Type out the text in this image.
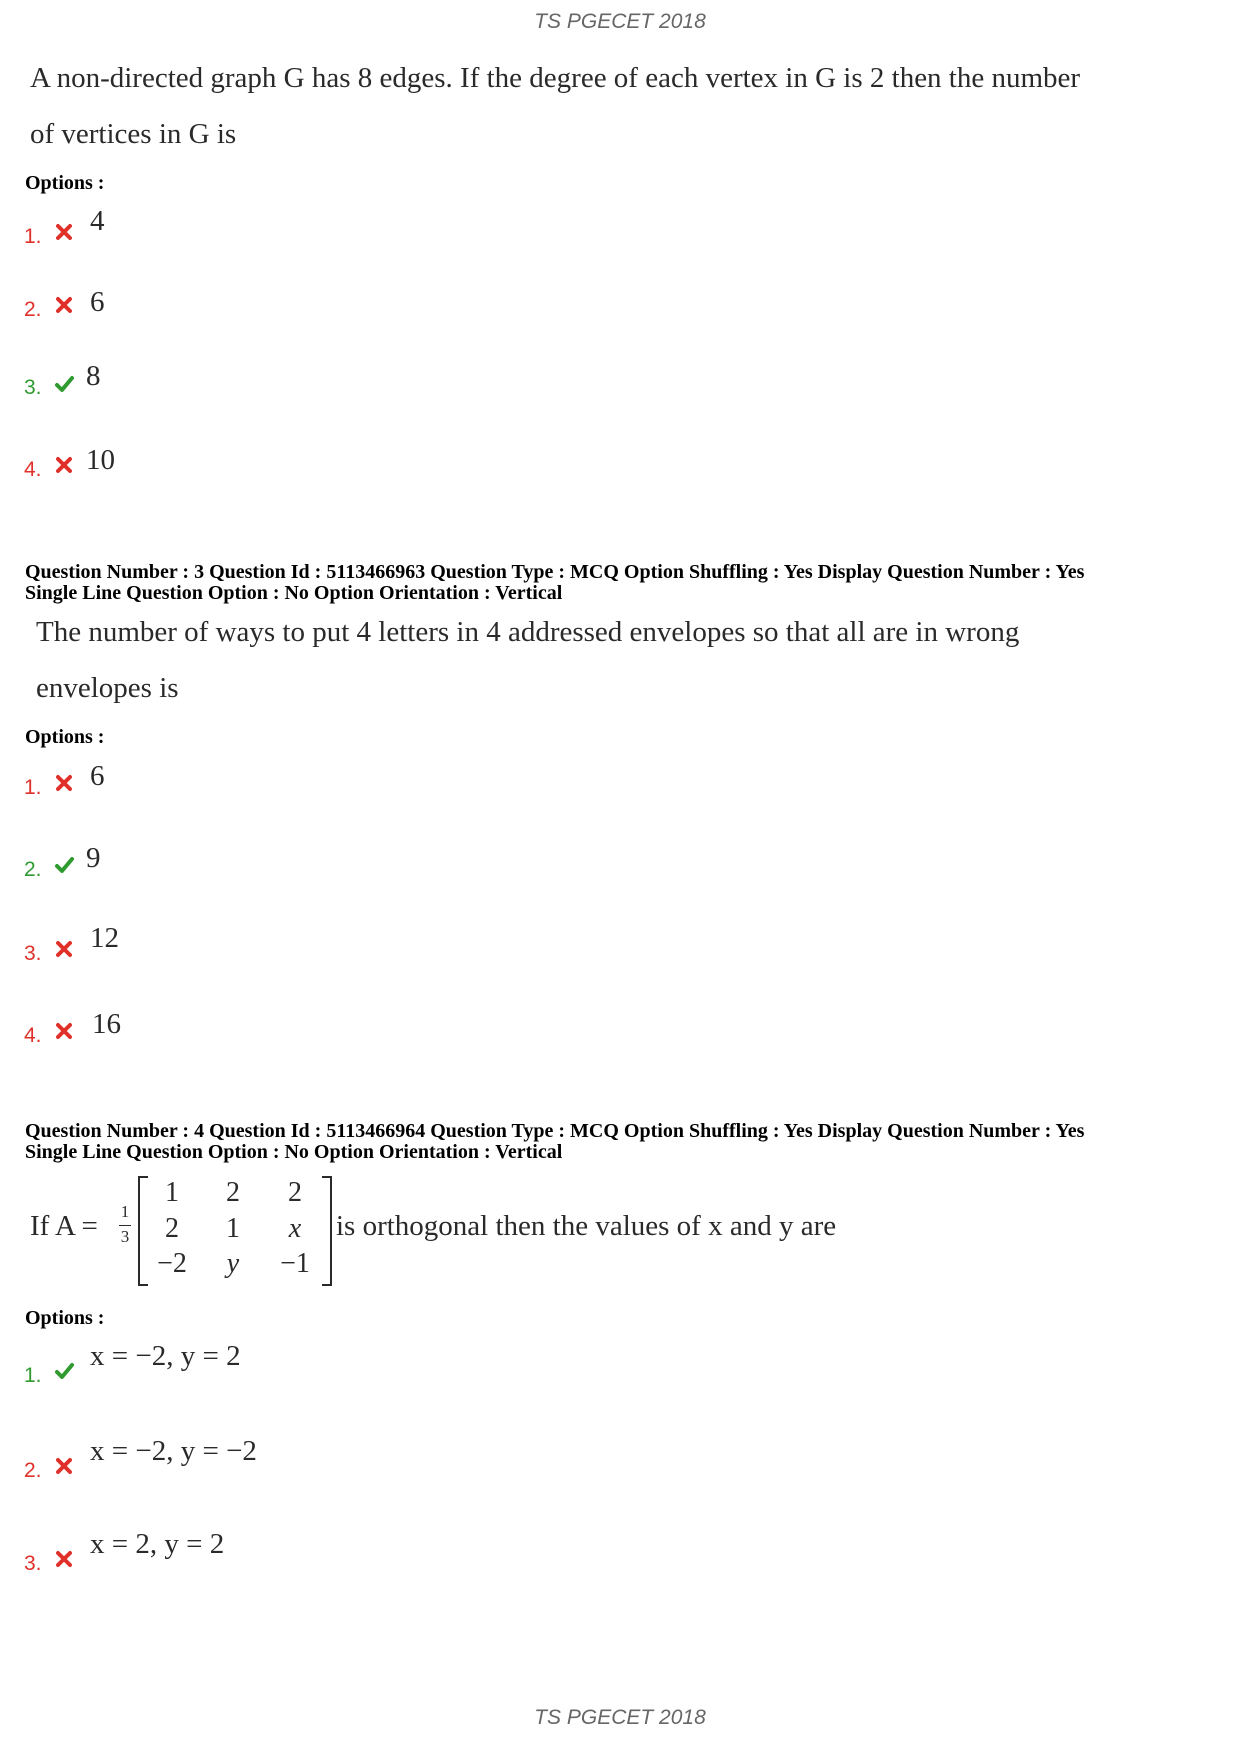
TS PGECET 2018
A non-directed graph G has 8 edges. If the degree of each vertex in G is 2 then the number
of vertices in G is
Options :
1. 4
2. 6
3. 8
4. 10
Question Number : 3 Question Id : 5113466963 Question Type : MCQ Option Shuffling : Yes Display Question Number : Yes
Single Line Question Option : No Option Orientation : Vertical
The number of ways to put 4 letters in 4 addressed envelopes so that all are in wrong
envelopes is
Options :
1. 6
2. 9
3. 12
4. 16
Question Number : 4 Question Id : 5113466964 Question Type : MCQ Option Shuffling : Yes Display Question Number : Yes
Single Line Question Option : No Option Orientation : Vertical
If A = 1
3
1	2	2
2	1	x
−2	y	−1
is orthogonal then the values of x and y are
Options :
1.
x = −2, y = 2
2.
x = −2, y = −2
3.
x = 2, y = 2
TS PGECET 2018
